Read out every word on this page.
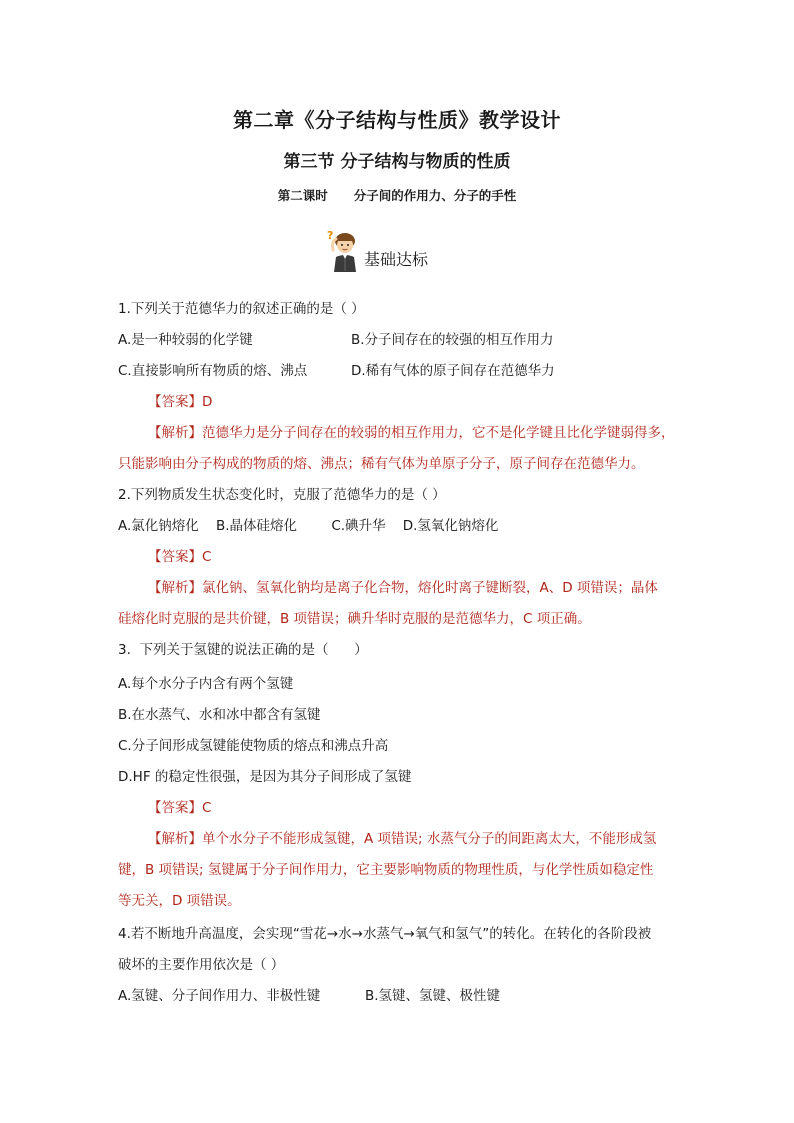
第二章《分子结构与性质》教学设计
第三节 分子结构与物质的性质
第二课时 分子间的作用力、分子的手性
?
基础达标
1.下列关于范德华力的叙述正确的是（ ）
A.是一种较弱的化学键	B.分子间存在的较强的相互作用力
C.直接影响所有物质的熔、沸点	D.稀有气体的原子间存在范德华力
【答案】D
【解析】范德华力是分子间存在的较弱的相互作用力，它不是化学键且比化学键弱得多，
只能影响由分子构成的物质的熔、沸点；稀有气体为单原子分子，原子间存在范德华力。
2.下列物质发生状态变化时，克服了范德华力的是（ ）
A.氯化钠熔化    B.晶体硅熔化        C.碘升华    D.氢氧化钠熔化
【答案】C
【解析】氯化钠、氢氧化钠均是离子化合物，熔化时离子键断裂，A、D 项错误；晶体
硅熔化时克服的是共价键，B 项错误；碘升华时克服的是范德华力，C 项正确。
3.  下列关于氢键的说法正确的是（      ）
A.每个水分子内含有两个氢键
B.在水蒸气、水和冰中都含有氢键
C.分子间形成氢键能使物质的熔点和沸点升高
D.HF 的稳定性很强，是因为其分子间形成了氢键
【答案】C
【解析】单个水分子不能形成氢键，A 项错误; 水蒸气分子的间距离太大，不能形成氢
键，B 项错误; 氢键属于分子间作用力，它主要影响物质的物理性质，与化学性质如稳定性
等无关，D 项错误。
4.若不断地升高温度，会实现“雪花→水→水蒸气→氧气和氢气”的转化。在转化的各阶段被
破坏的主要作用依次是（ ）
A.氢键、分子间作用力、非极性键	B.氢键、氢键、极性键
